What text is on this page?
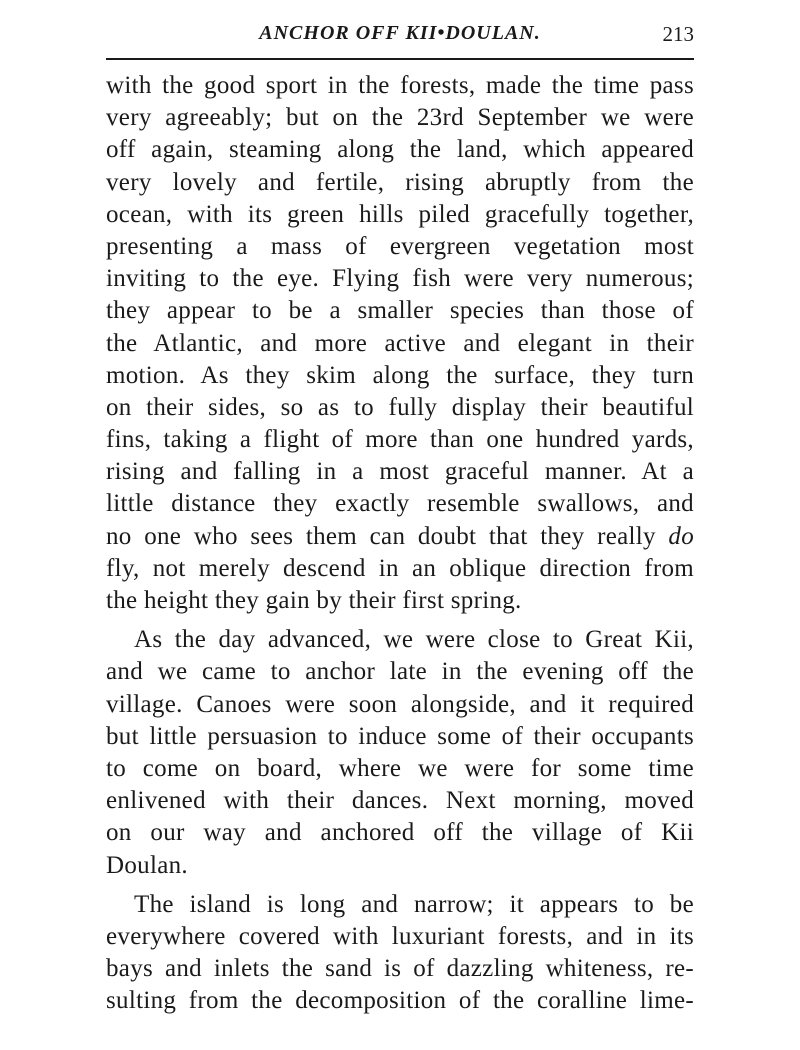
ANCHOR OFF KII•DOULAN.	213
with the good sport in the forests, made the time pass
very agreeably; but on the 23rd September we were
off again, steaming along the land, which appeared
very lovely and fertile, rising abruptly from the
ocean, with its green hills piled gracefully together,
presenting a mass of evergreen vegetation most
inviting to the eye. Flying fish were very numerous;
they appear to be a smaller species than those of
the Atlantic, and more active and elegant in their
motion. As they skim along the surface, they turn
on their sides, so as to fully display their beautiful
fins, taking a flight of more than one hundred yards,
rising and falling in a most graceful manner. At a
little distance they exactly resemble swallows, and
no one who sees them can doubt that they really do
fly, not merely descend in an oblique direction from
the height they gain by their first spring.
As the day advanced, we were close to Great Kii,
and we came to anchor late in the evening off the
village. Canoes were soon alongside, and it required
but little persuasion to induce some of their occupants
to come on board, where we were for some time
enlivened with their dances. Next morning, moved
on our way and anchored off the village of Kii
Doulan.
The island is long and narrow; it appears to be
everywhere covered with luxuriant forests, and in its
bays and inlets the sand is of dazzling whiteness, re-
sulting from the decomposition of the coralline lime-
